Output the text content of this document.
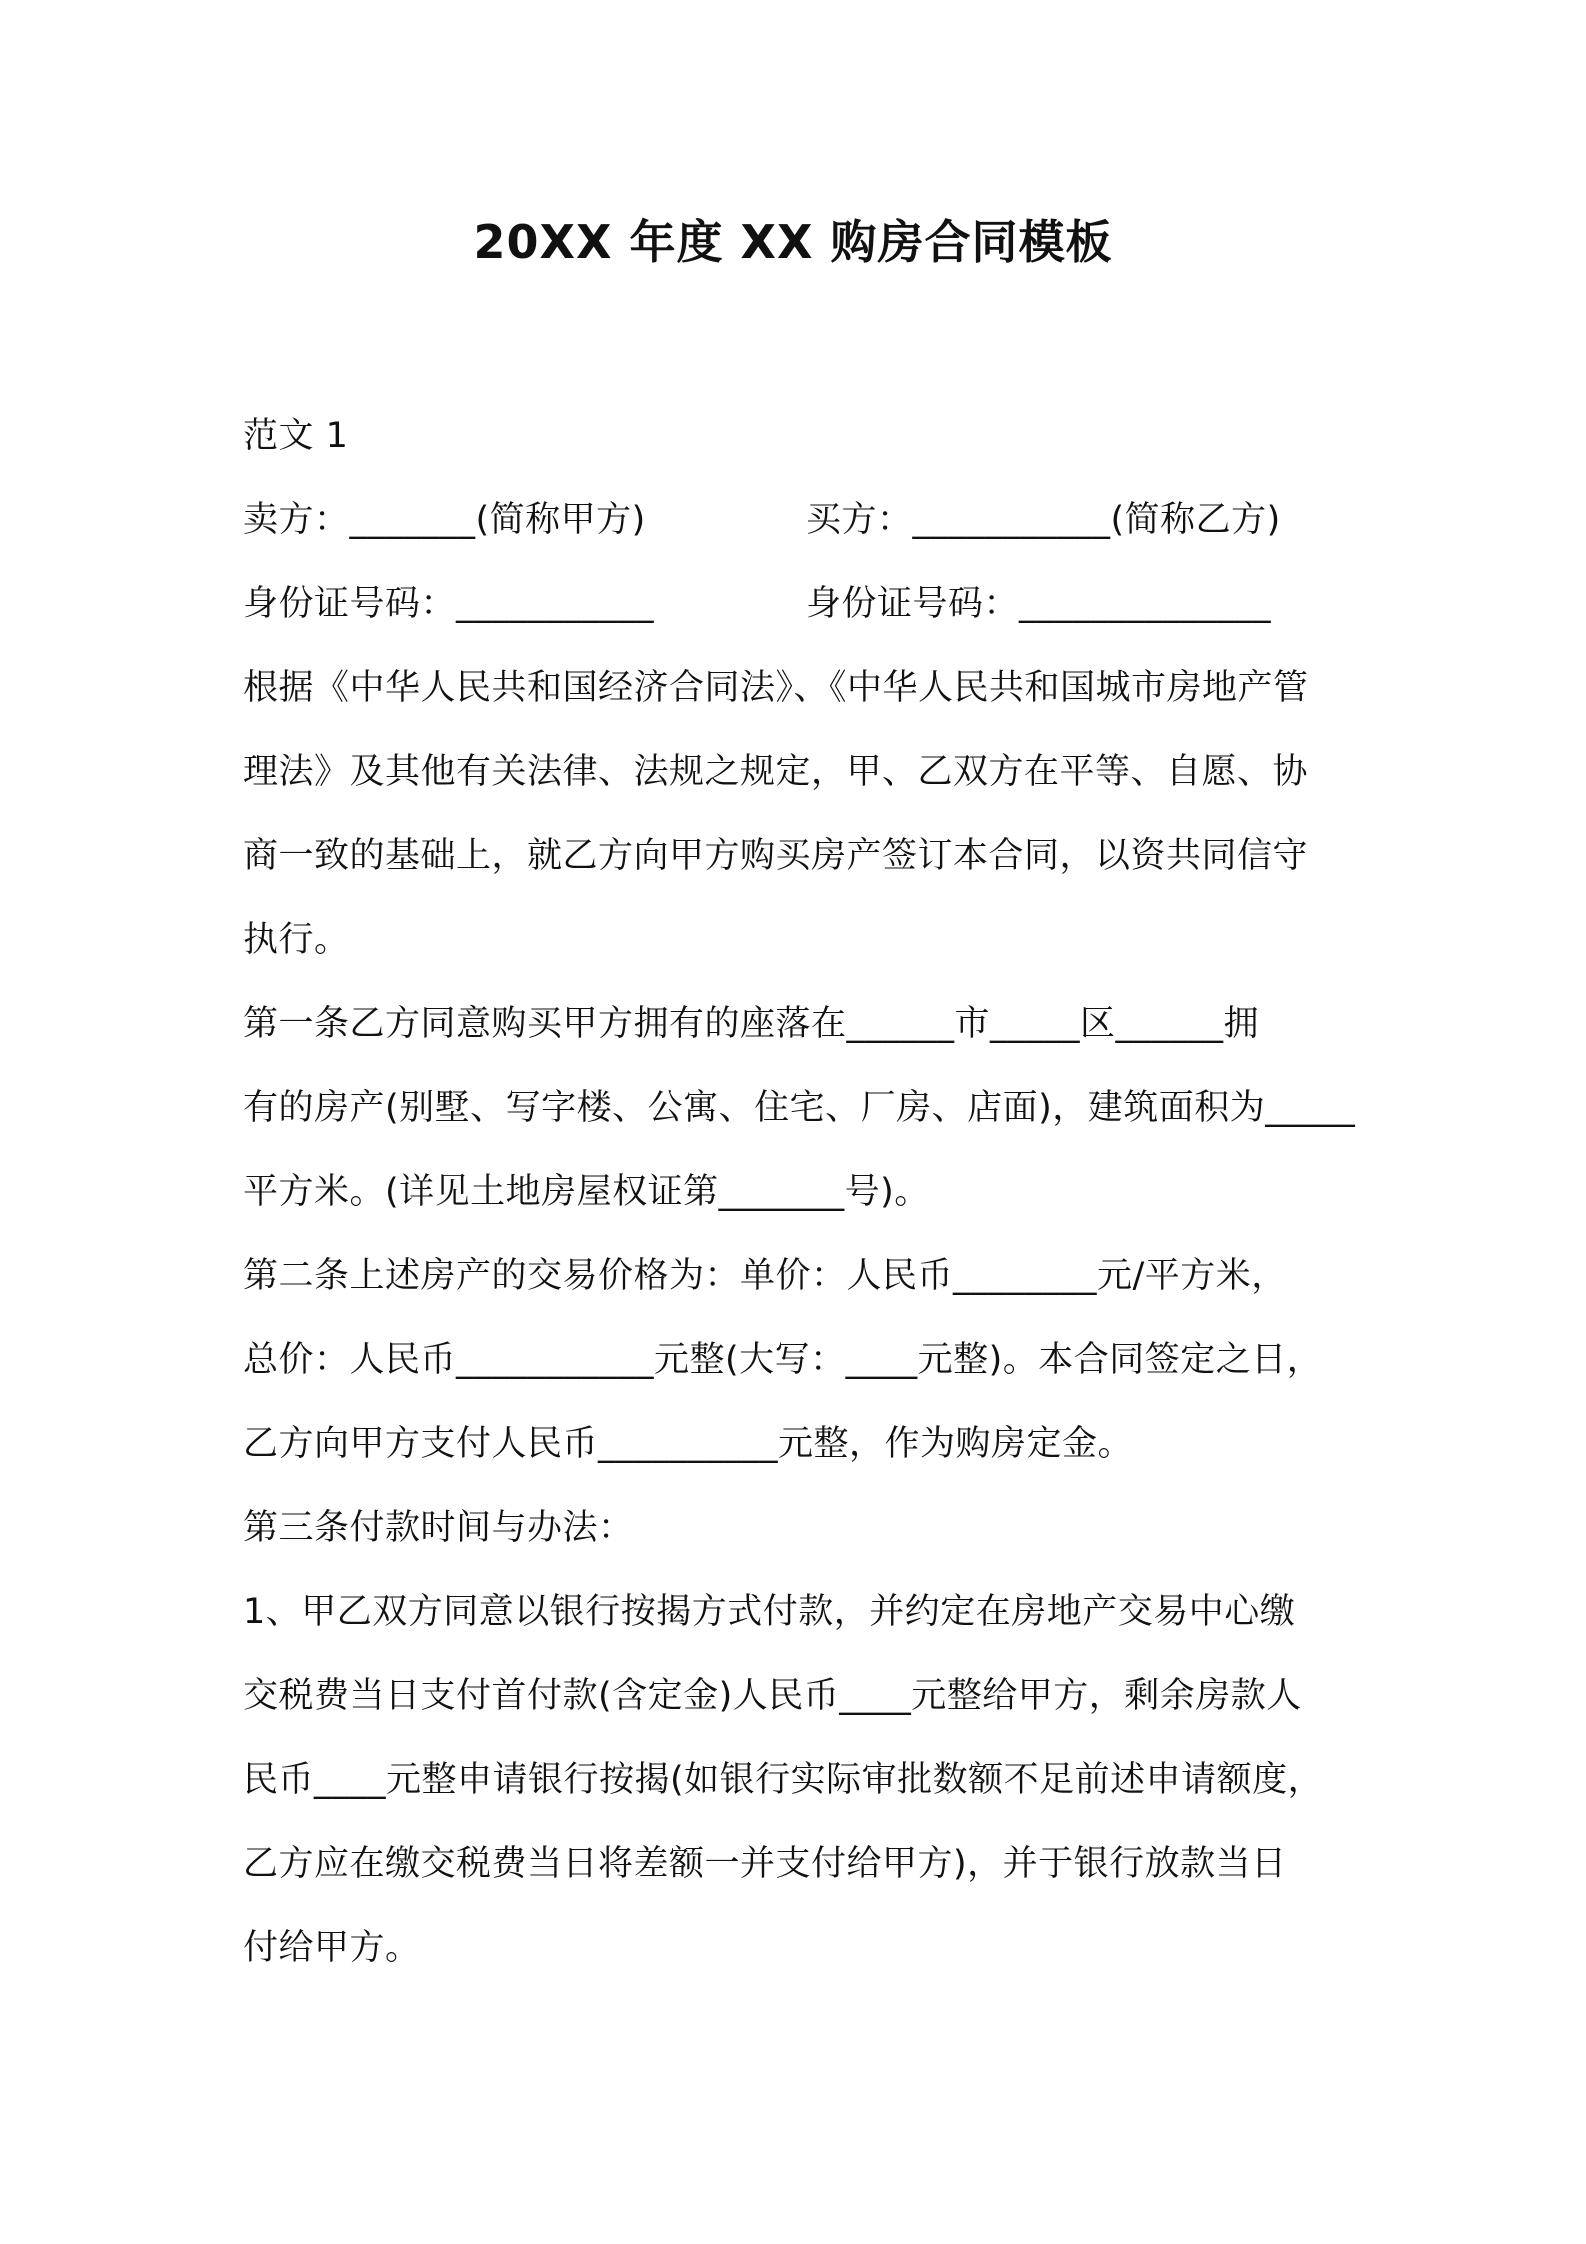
20XX 年度 XX 购房合同模板
范文 1
卖方：_______(简称甲方)	买方：___________(简称乙方)
身份证号码：___________	身份证号码：______________
根据《中华人民共和国经济合同法》、《中华人民共和国城市房地产管
理法》及其他有关法律、法规之规定，甲、乙双方在平等、自愿、协
商一致的基础上，就乙方向甲方购买房产签订本合同，以资共同信守
执行。
第一条乙方同意购买甲方拥有的座落在______市_____区______拥
有的房产(别墅、写字楼、公寓、住宅、厂房、店面)，建筑面积为_____
平方米。(详见土地房屋权证第_______号)。
第二条上述房产的交易价格为：单价：人民币________元/平方米，
总价：人民币___________元整(大写：____元整)。本合同签定之日，
乙方向甲方支付人民币__________元整，作为购房定金。
第三条付款时间与办法：
1、甲乙双方同意以银行按揭方式付款，并约定在房地产交易中心缴
交税费当日支付首付款(含定金)人民币____元整给甲方，剩余房款人
民币____元整申请银行按揭(如银行实际审批数额不足前述申请额度，
乙方应在缴交税费当日将差额一并支付给甲方)，并于银行放款当日
付给甲方。
